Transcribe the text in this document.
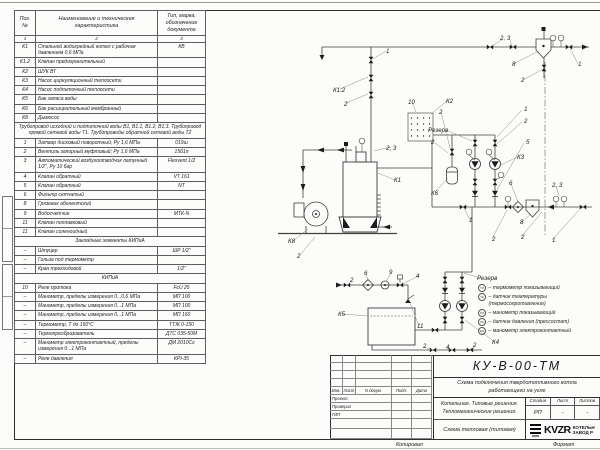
Поз. №	Наименование и техническая характеристика	Тип, марка, обозначение документа
1	2	3
К1	Стальной водогрейный котел с рабочим давлением 0,6 МПа	КВ
К1.2	Клапан предохранительный	
К2	ШУК ВТ	
К3	Насос циркуляционный теплосети	
К4	Насос подпиточный теплосети	
К5	Бак запаса воды	
К6	Бак расширительный мембранный	
К8	Дымосос	
Трубопровод исходной и подпиточной воды В1, В1.1, В1.2, В1.3. Трубопровод прямой сетевой воды Т1. Трубопроводы обратной сетевой воды Т2		
1	Затвор дисковый поворотный; Ру 1,6 МПа	019ш
2	Вентиль запорный муфтовый; Ру 1,6 МПа	15б1п
3	Автоматический воздухоотводчик латунный 1/2", Ру 10 бар	Flexvent 1/2
4	Клапан обратный	VT 161
5	Клапан обратный	NT
6	Фильтр сетчатый	
8	Грязевик абонентский	
9	Водосчетчик	МТК-N
11	Клапан поплавковый	
11	Клапан соленоидный	
Закладные элементы КИПиА		
–	Штуцер	ШР 1/2"
–	Гильза под термометр	
–	Кран трехходовой	1/2"
КИПиА		
10	Реле протока	FcU 25
–	Манометр, пределы измерения 0...0,6 МПа	МП 100
–	Манометр, пределы измерения 0...1 МПа	МП 100
–	Манометр, пределы измерения 0...1 МПа	МП 160
–	Термометр, Т до 150°С	ТТЖ 0-150
–	Термопреобразователь	ДТС 035-50М
–	Манометр электроконтактный, пределы измерения 0...1 МПа	ДМ 2010Сг
–	Реле давления	КРI-35
1
К1.2
2
2, 3
К1
К8
2
2, 3
8
2
1
10	К2
2
Резерв
2
1
2
5
К3
К6
6	2, 3
1	8
2	2	1
2
6	9
4
К5
11
2	4	2	К4
Резерв
ТИ – термометр показывающий
ТЕ – датчик температуры (термосопротивление)
РИ – манометр показывающий
РЕ – датчик давления (прессостат)
РЭ – манометр электроконтактный
Изм. Лист	N докум.	Подп.	Дата
Проект.
Проверил
ГИП
КУ-В-00-ТМ
Схема подключения твердотопливного котла работающего на угле
Котельная. Типовые решения.
Тепломеханические решения.
Схема тепловая (типовая)
Стадия	Лист	Листов
РП	-	-
KVZR КОТЕЛЬН
ЗАВОД Р
Копировал	Формат
